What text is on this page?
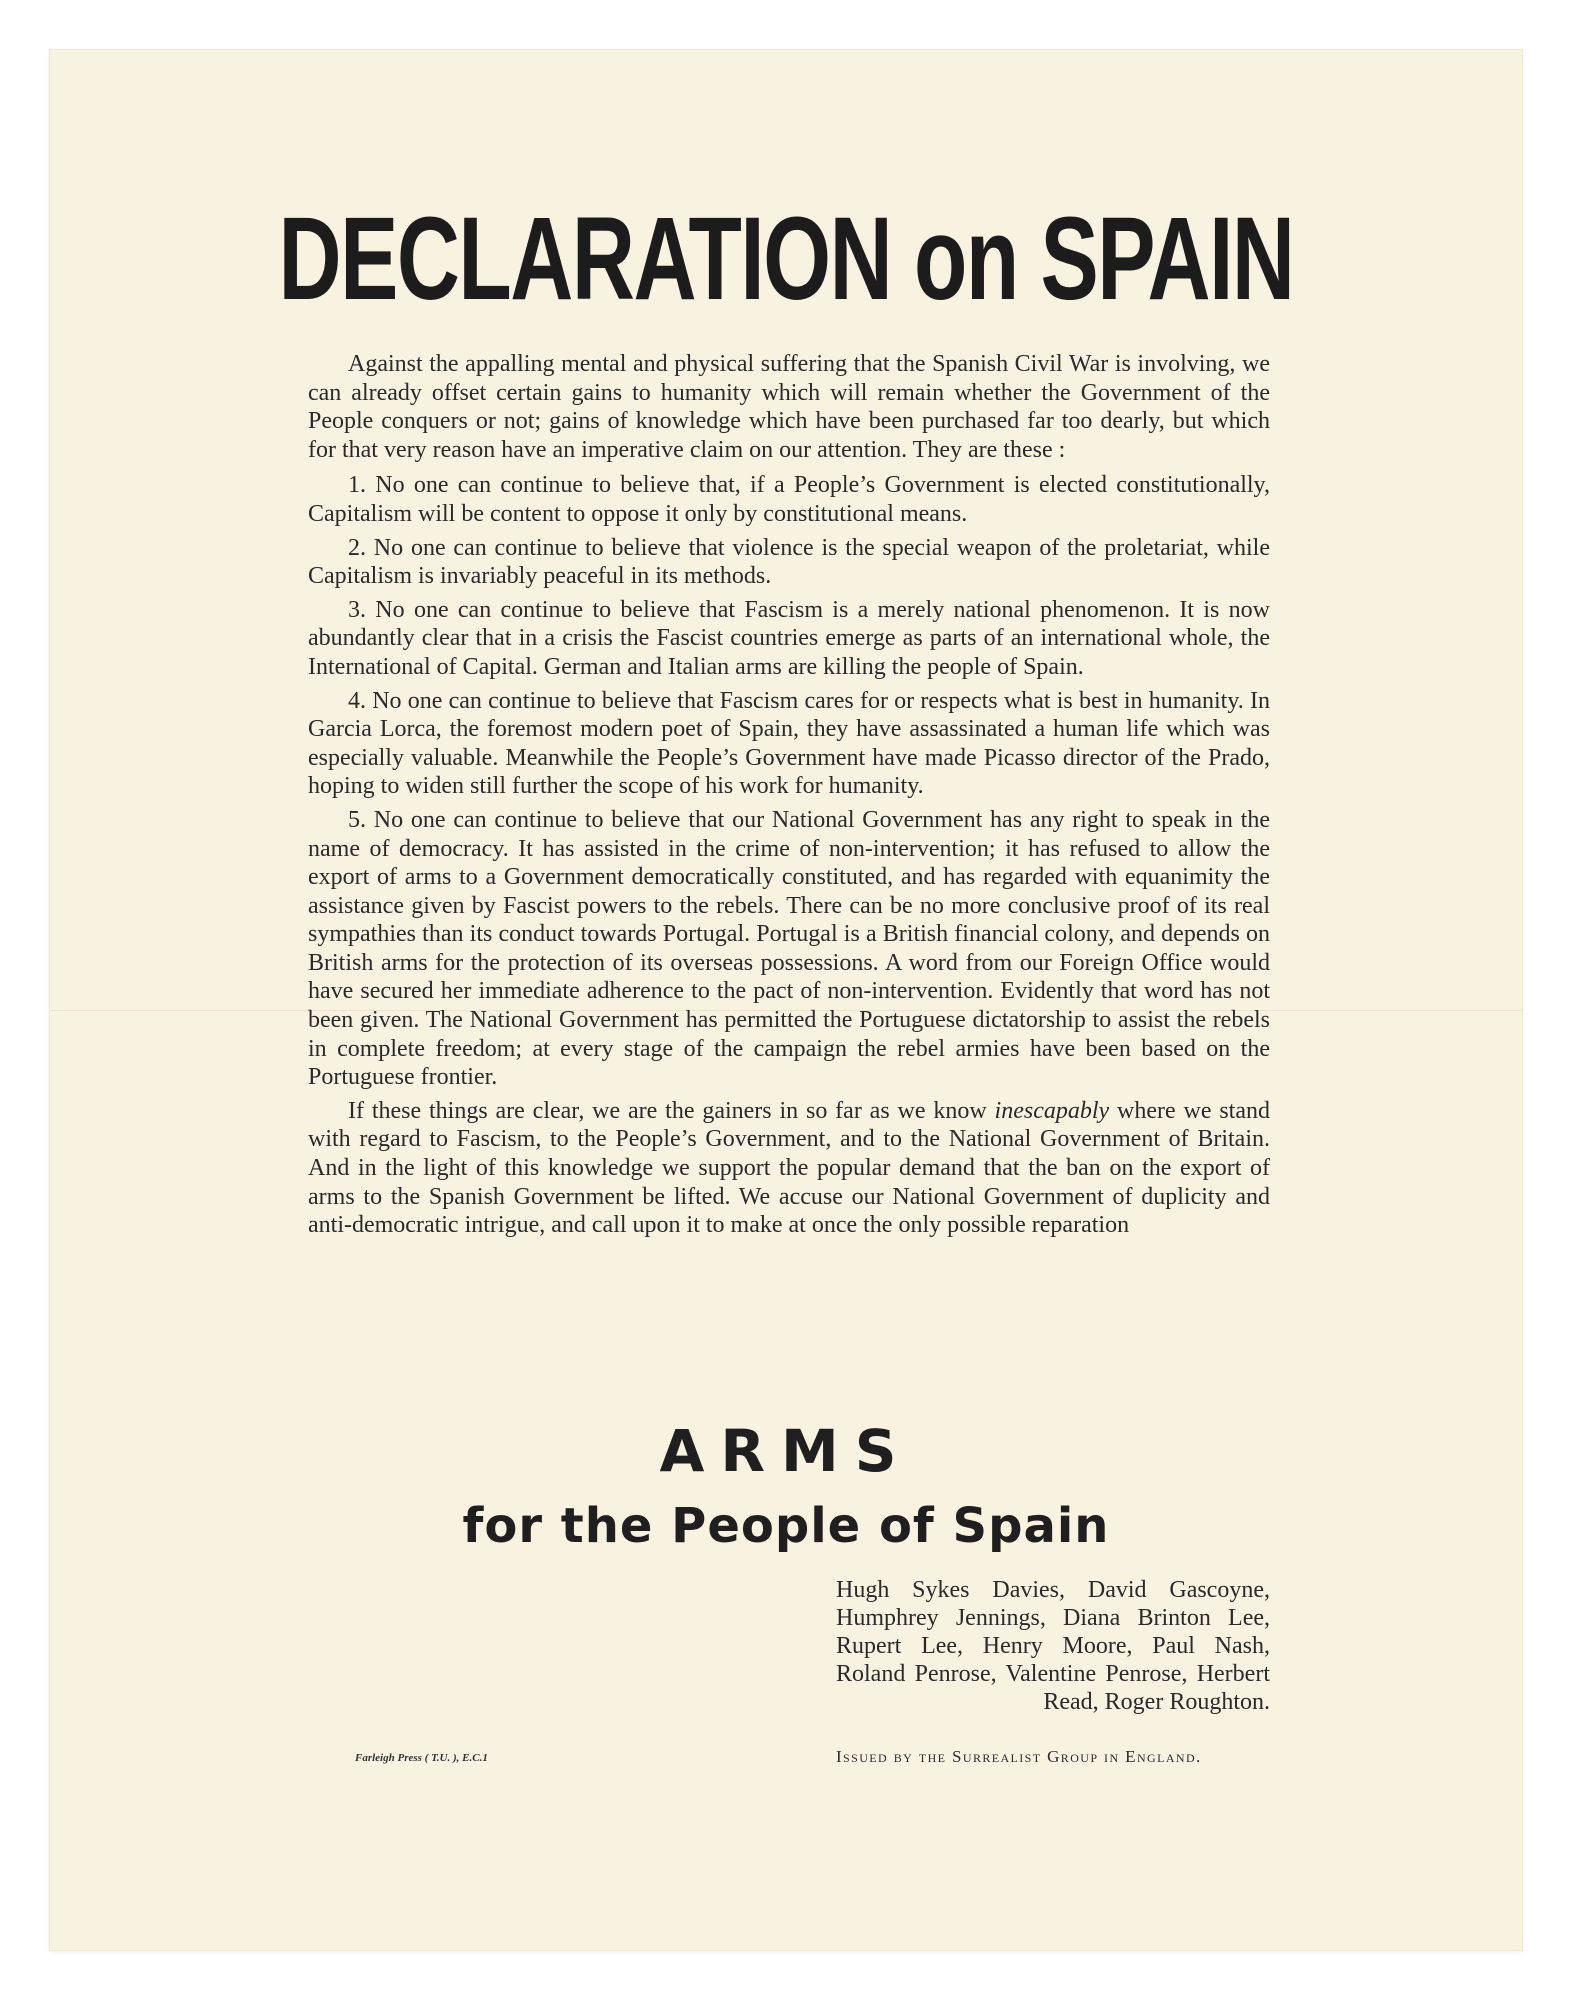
DECLARATION on SPAIN

Against the appalling mental and physical suffering that the Spanish Civil War is involving, we can already offset certain gains to humanity which will remain whether the Government of the People conquers or not; gains of knowledge which have been purchased far too dearly, but which for that very reason have an imperative claim on our attention. They are these :

1. No one can continue to believe that, if a People’s Government is elected constitutionally, Capitalism will be content to oppose it only by constitutional means.

2. No one can continue to believe that violence is the special weapon of the proletariat, while Capitalism is invariably peaceful in its methods.

3. No one can continue to believe that Fascism is a merely national phenomenon. It is now abundantly clear that in a crisis the Fascist countries emerge as parts of an international whole, the International of Capital. German and Italian arms are killing the people of Spain.

4. No one can continue to believe that Fascism cares for or respects what is best in humanity. In Garcia Lorca, the foremost modern poet of Spain, they have assassinated a human life which was especially valuable. Meanwhile the People’s Government have made Picasso director of the Prado, hoping to widen still further the scope of his work for humanity.

5. No one can continue to believe that our National Government has any right to speak in the name of democracy. It has assisted in the crime of non-intervention; it has refused to allow the export of arms to a Government democratically constituted, and has regarded with equanimity the assistance given by Fascist powers to the rebels. There can be no more conclusive proof of its real sympathies than its conduct towards Portugal. Portugal is a British financial colony, and depends on British arms for the protection of its overseas possessions. A word from our Foreign Office would have secured her immediate adherence to the pact of non-intervention. Evidently that word has not been given. The National Government has permitted the Portuguese dictatorship to assist the rebels in complete freedom; at every stage of the campaign the rebel armies have been based on the Portuguese frontier.

If these things are clear, we are the gainers in so far as we know inescapably where we stand with regard to Fascism, to the People’s Government, and to the National Government of Britain. And in the light of this knowledge we support the popular demand that the ban on the export of arms to the Spanish Government be lifted. We accuse our National Government of duplicity and anti-democratic intrigue, and call upon it to make at once the only possible reparation

ARMS
for the People of Spain
Hugh Sykes Davies, David Gascoyne, Humphrey Jennings, Diana Brinton Lee, Rupert Lee, Henry Moore, Paul Nash, Roland Penrose, Valentine Penrose, Herbert Read, Roger Roughton.
Farleigh Press ( T.U. ), E.C.1	Issued by the Surrealist Group in England.
